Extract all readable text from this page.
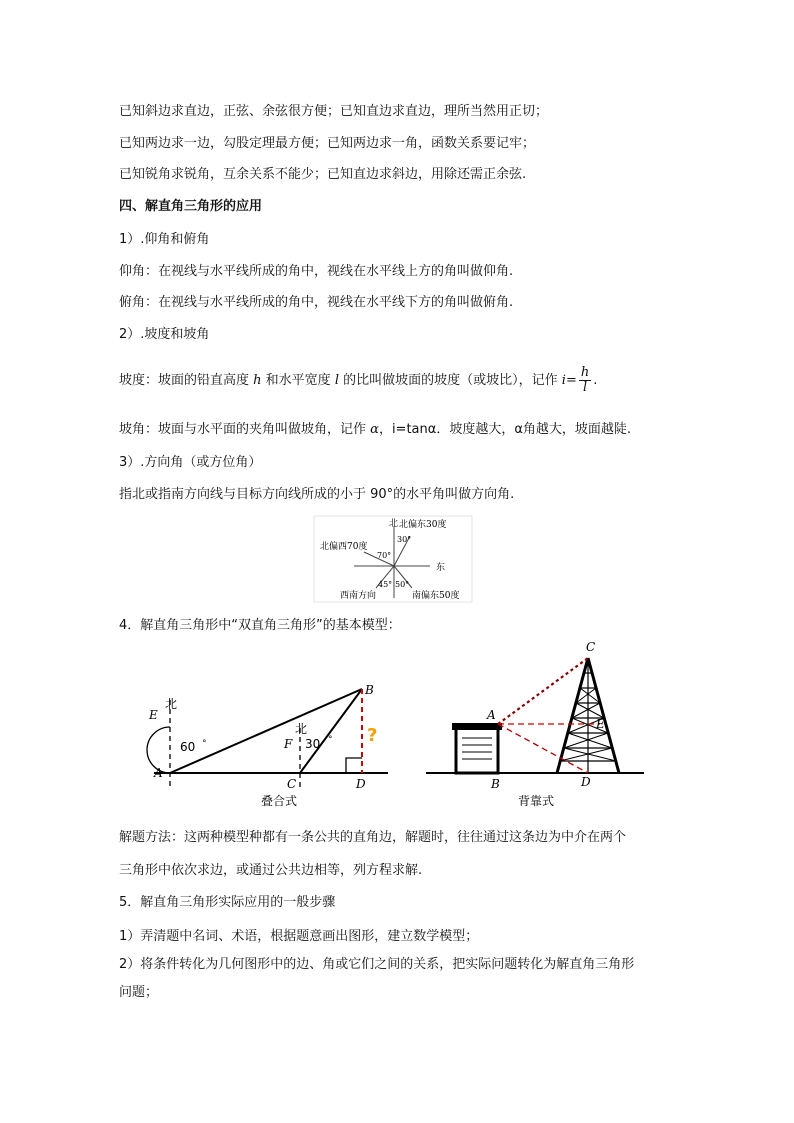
已知斜边求直边，正弦、余弦很方便；已知直边求直边，理所当然用正切；
已知两边求一边，勾股定理最方便；已知两边求一角，函数关系要记牢；
已知锐角求锐角，互余关系不能少；已知直边求斜边，用除还需正余弦.
四、解直角三角形的应用
1）.仰角和俯角
仰角：在视线与水平线所成的角中，视线在水平线上方的角叫做仰角.
俯角：在视线与水平线所成的角中，视线在水平线下方的角叫做俯角.
2）.坡度和坡角
坡度：坡面的铅直高度 h 和水平宽度 l 的比叫做坡面的坡度（或坡比），记作 $i= \frac{h}{l}$ .
坡角：坡面与水平面的夹角叫做坡角，记作 α，i=tanα．坡度越大，α角越大，坡面越陡.
3）.方向角（或方位角）
指北或指南方向线与目标方向线所成的小于 90°的水平角叫做方向角.
北 北偏东30度
北偏西70度
东
西南方向	南偏东50度
30°
70°
45° 50°
4．解直角三角形中“双直角三角形”的基本模型：
B
E
北
60 °
A
北
F 30 ° ?
C	D
叠合式
C
A
E
B	D
背靠式
解题方法：这两种模型种都有一条公共的直角边，解题时，往往通过这条边为中介在两个
三角形中依次求边，或通过公共边相等，列方程求解.
5．解直角三角形实际应用的一般步骤
1）弄清题中名词、术语，根据题意画出图形，建立数学模型；
2）将条件转化为几何图形中的边、角或它们之间的关系，把实际问题转化为解直角三角形
问题；
